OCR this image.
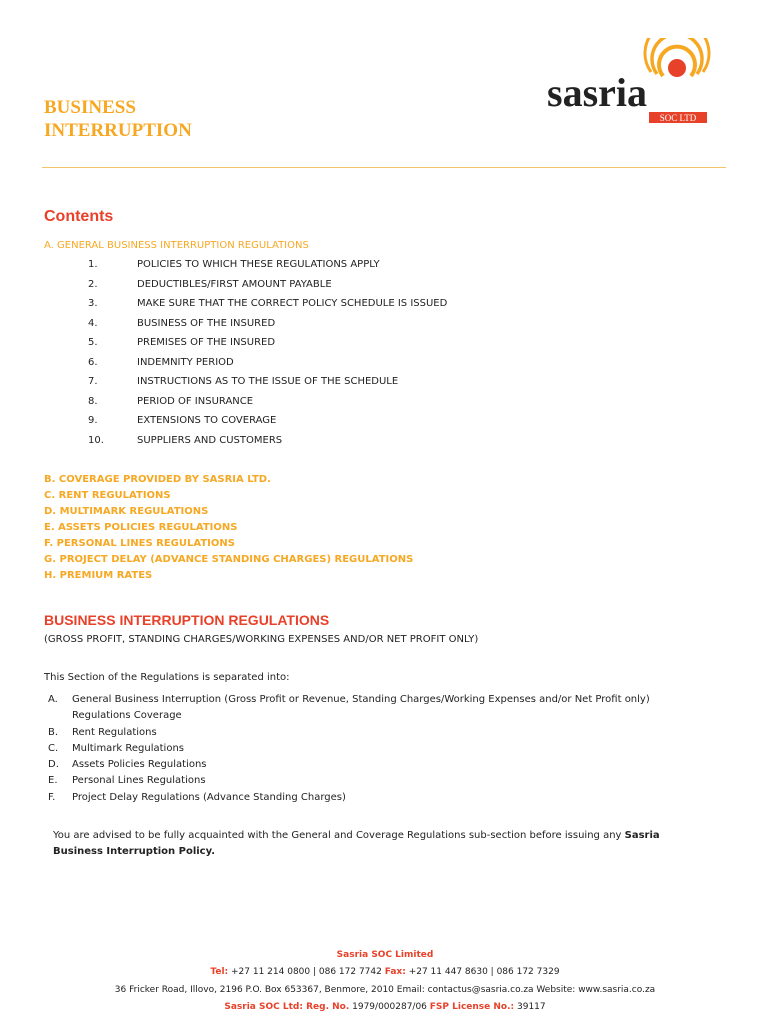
BUSINESS
INTERRUPTION
sasria
SOC LTD
Contents
A. GENERAL BUSINESS INTERRUPTION REGULATIONS
1.	POLICIES TO WHICH THESE REGULATIONS APPLY
2.	DEDUCTIBLES/FIRST AMOUNT PAYABLE
3.	MAKE SURE THAT THE CORRECT POLICY SCHEDULE IS ISSUED
4.	BUSINESS OF THE INSURED
5.	PREMISES OF THE INSURED
6.	INDEMNITY PERIOD
7.	INSTRUCTIONS AS TO THE ISSUE OF THE SCHEDULE
8.	PERIOD OF INSURANCE
9.	EXTENSIONS TO COVERAGE
10.	SUPPLIERS AND CUSTOMERS
B. COVERAGE PROVIDED BY SASRIA LTD.
C. RENT REGULATIONS
D. MULTIMARK REGULATIONS
E. ASSETS POLICIES REGULATIONS
F. PERSONAL LINES REGULATIONS
G. PROJECT DELAY (ADVANCE STANDING CHARGES) REGULATIONS
H. PREMIUM RATES
BUSINESS INTERRUPTION REGULATIONS
(GROSS PROFIT, STANDING CHARGES/WORKING EXPENSES AND/OR NET PROFIT ONLY)
This Section of the Regulations is separated into:
A. General Business Interruption (Gross Profit or Revenue, Standing Charges/Working Expenses and/or Net Profit only) Regulations Coverage
B. Rent Regulations
C. Multimark Regulations
D. Assets Policies Regulations
E. Personal Lines Regulations
F. Project Delay Regulations (Advance Standing Charges)
You are advised to be fully acquainted with the General and Coverage Regulations sub-section before issuing any Sasria Business Interruption Policy.
Sasria SOC Limited
Tel: +27 11 214 0800 | 086 172 7742 Fax: +27 11 447 8630 | 086 172 7329
36 Fricker Road, Illovo, 2196 P.O. Box 653367, Benmore, 2010 Email: contactus@sasria.co.za Website: www.sasria.co.za
Sasria SOC Ltd: Reg. No. 1979/000287/06 FSP License No.: 39117
